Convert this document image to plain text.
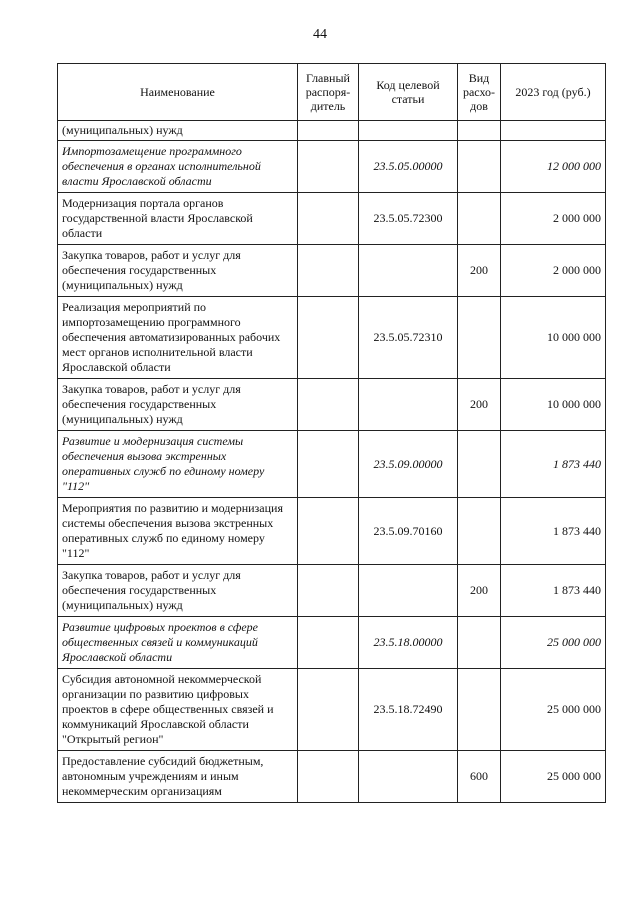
44
Наименование	Главный распоря-дитель	Код целевой статьи	Вид расхо-дов	2023 год (руб.)
(муниципальных) нужд				
Импортозамещение программного обеспечения в органах исполнительной власти Ярославской области		23.5.05.00000		12 000 000
Модернизация портала органов государственной власти Ярославской области		23.5.05.72300		2 000 000
Закупка товаров, работ и услуг для обеспечения государственных (муниципальных) нужд			200	2 000 000
Реализация мероприятий по импортозамещению программного обеспечения автоматизированных рабочих мест органов исполнительной власти Ярославской области		23.5.05.72310		10 000 000
Закупка товаров, работ и услуг для обеспечения государственных (муниципальных) нужд			200	10 000 000
Развитие и модернизация системы обеспечения вызова экстренных оперативных служб по единому номеру "112"		23.5.09.00000		1 873 440
Мероприятия по развитию и модернизация системы обеспечения вызова экстренных оперативных служб по единому номеру "112"		23.5.09.70160		1 873 440
Закупка товаров, работ и услуг для обеспечения государственных (муниципальных) нужд			200	1 873 440
Развитие цифровых проектов в сфере общественных связей и коммуникаций Ярославской области		23.5.18.00000		25 000 000
Субсидия автономной некоммерческой организации по развитию цифровых проектов в сфере общественных связей и коммуникаций Ярославской области "Открытый регион"		23.5.18.72490		25 000 000
Предоставление субсидий бюджетным, автономным учреждениям и иным некоммерческим организациям			600	25 000 000
